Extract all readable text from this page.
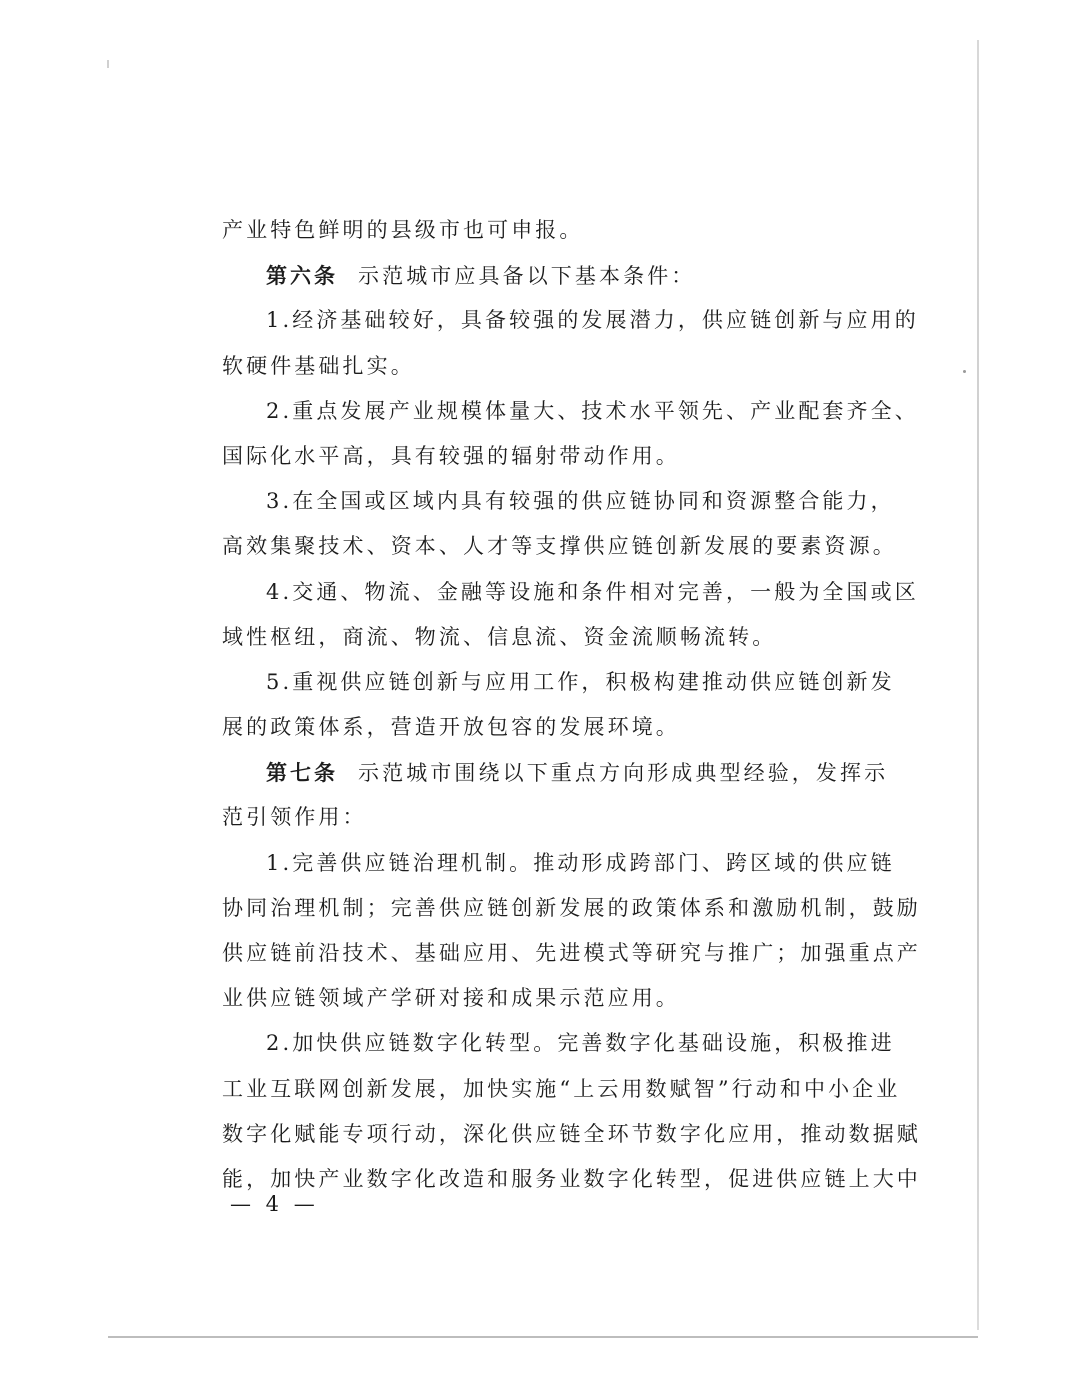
产业特色鲜明的县级市也可申报。
第六条 示范城市应具备以下基本条件：
1.经济基础较好，具备较强的发展潜力，供应链创新与应用的
软硬件基础扎实。
2.重点发展产业规模体量大、技术水平领先、产业配套齐全、
国际化水平高，具有较强的辐射带动作用。
3.在全国或区域内具有较强的供应链协同和资源整合能力，
高效集聚技术、资本、人才等支撑供应链创新发展的要素资源。
4.交通、物流、金融等设施和条件相对完善，一般为全国或区
域性枢纽，商流、物流、信息流、资金流顺畅流转。
5.重视供应链创新与应用工作，积极构建推动供应链创新发
展的政策体系，营造开放包容的发展环境。
第七条 示范城市围绕以下重点方向形成典型经验，发挥示
范引领作用：
1.完善供应链治理机制。推动形成跨部门、跨区域的供应链
协同治理机制；完善供应链创新发展的政策体系和激励机制，鼓励
供应链前沿技术、基础应用、先进模式等研究与推广；加强重点产
业供应链领域产学研对接和成果示范应用。
2.加快供应链数字化转型。完善数字化基础设施，积极推进
工业互联网创新发展，加快实施“上云用数赋智”行动和中小企业
数字化赋能专项行动，深化供应链全环节数字化应用，推动数据赋
能，加快产业数字化改造和服务业数字化转型，促进供应链上大中
— 4 —
